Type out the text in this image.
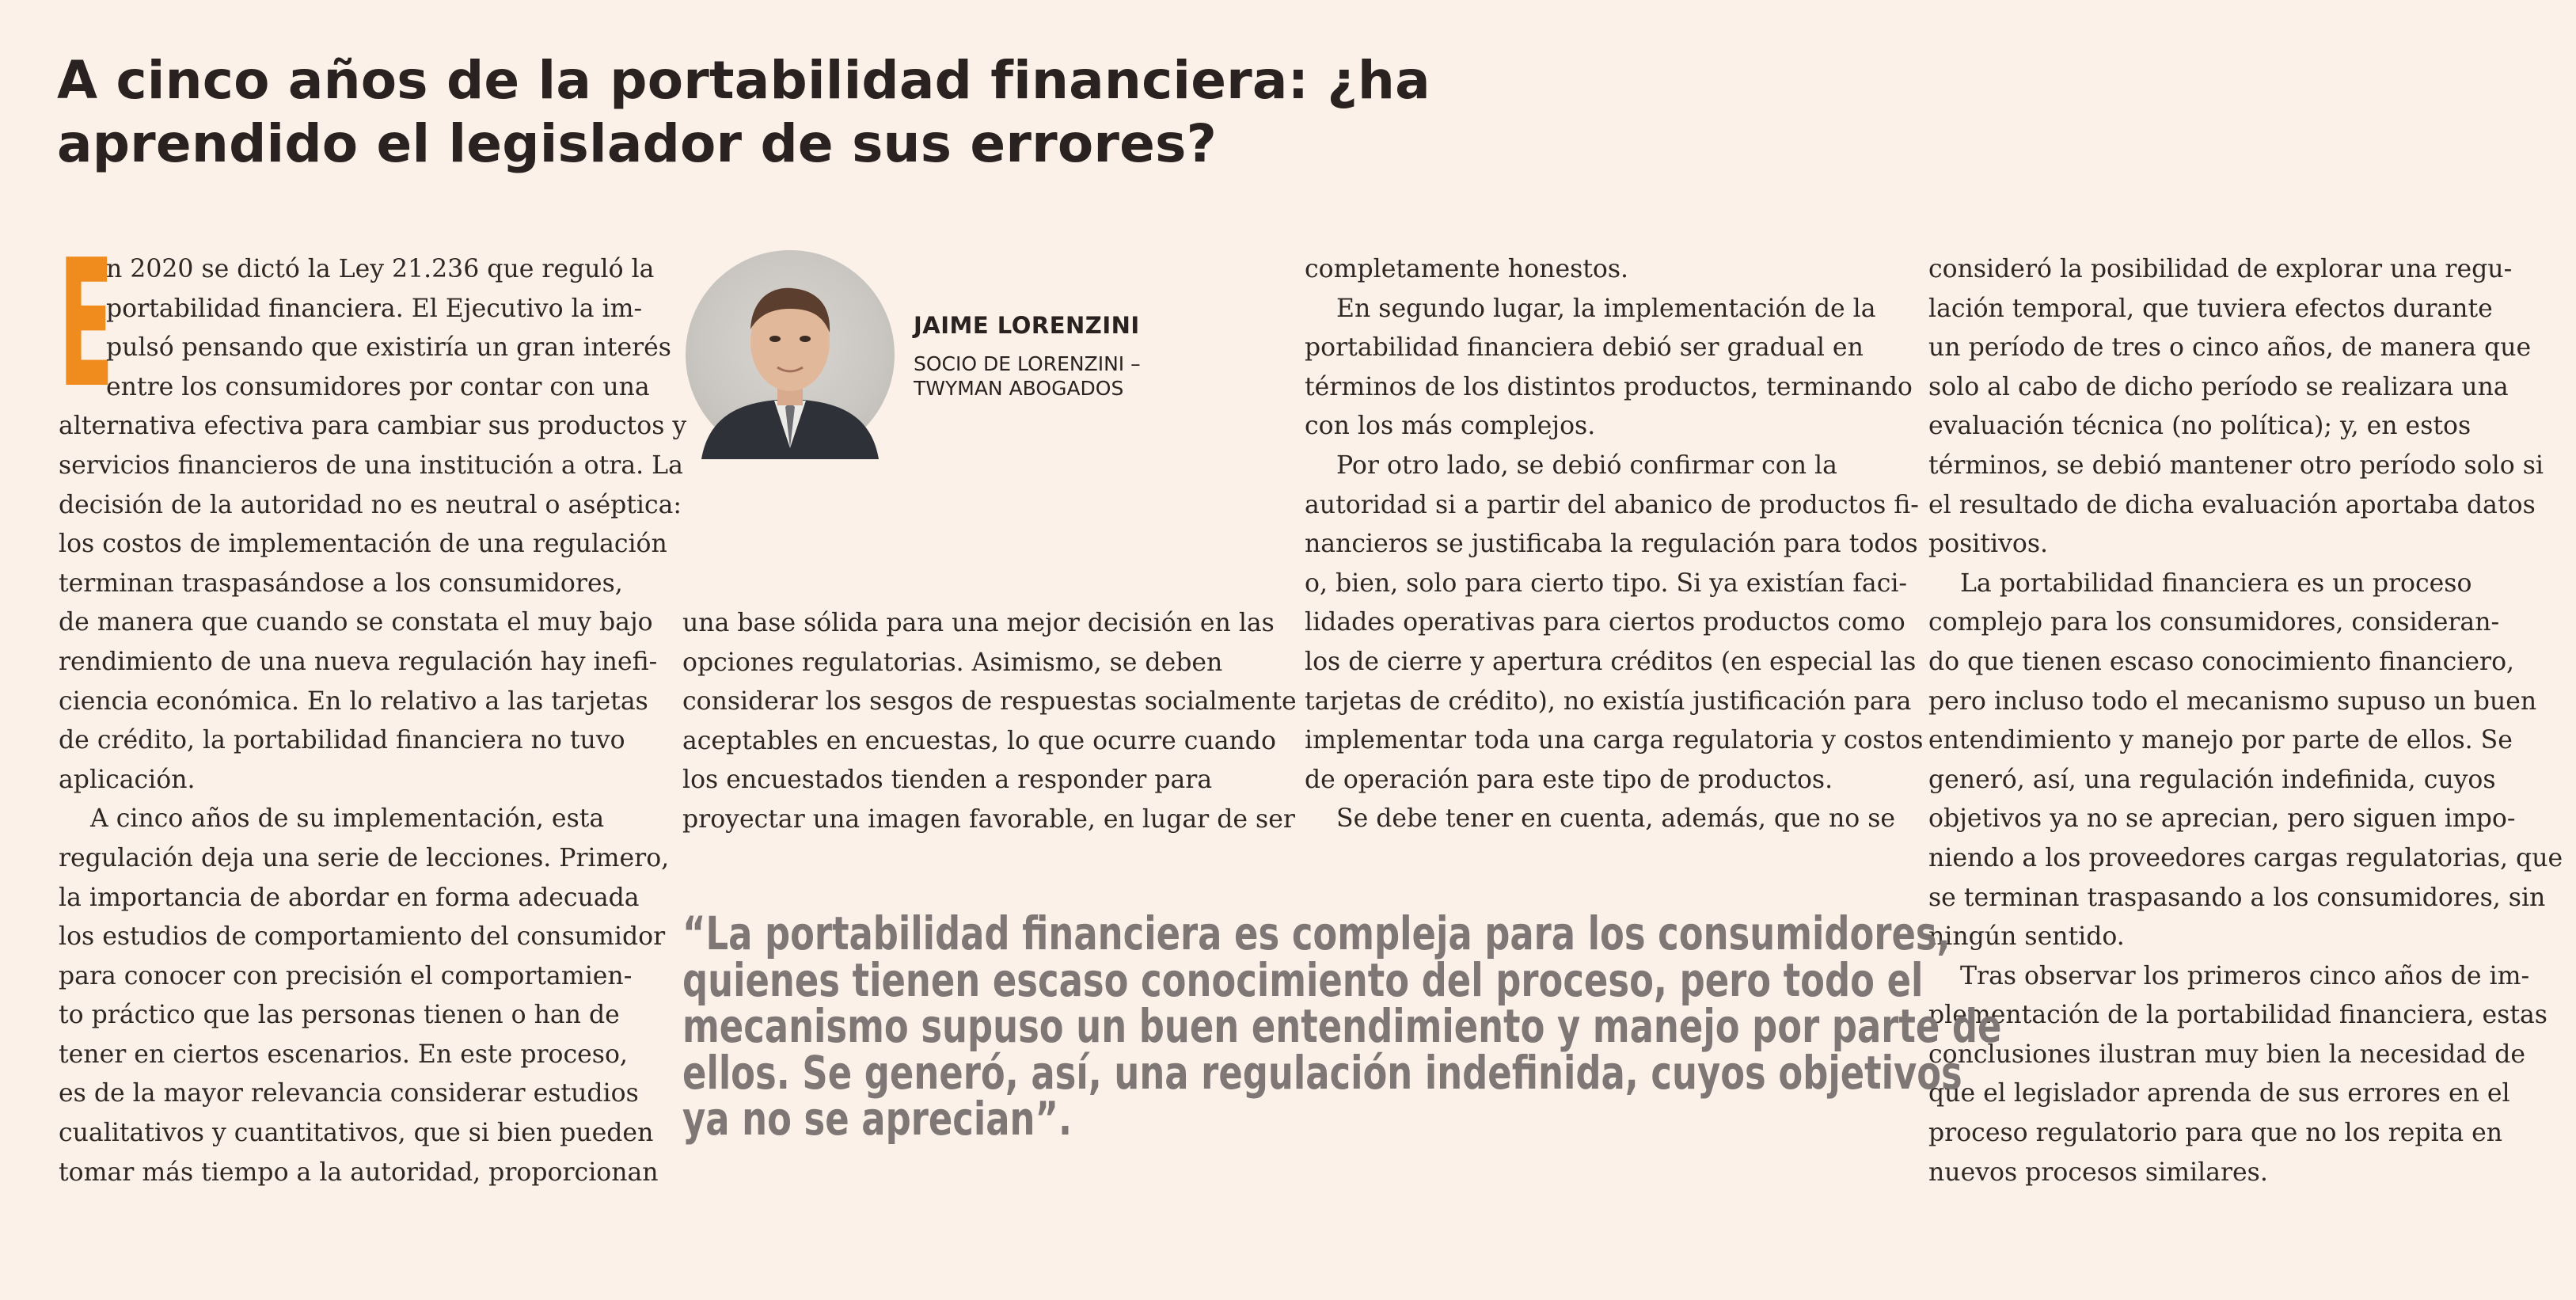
A cinco años de la portabilidad financiera: ¿ha
aprendido el legislador de sus errores?
E
n 2020 se dictó la Ley 21.236 que reguló la
portabilidad financiera. El Ejecutivo la im-
pulsó pensando que existiría un gran interés
entre los consumidores por contar con una
alternativa efectiva para cambiar sus productos y
servicios financieros de una institución a otra. La
decisión de la autoridad no es neutral o aséptica:
los costos de implementación de una regulación
terminan traspasándose a los consumidores,
de manera que cuando se constata el muy bajo
rendimiento de una nueva regulación hay inefi-
ciencia económica. En lo relativo a las tarjetas
de crédito, la portabilidad financiera no tuvo
aplicación.
A cinco años de su implementación, esta
regulación deja una serie de lecciones. Primero,
la importancia de abordar en forma adecuada
los estudios de comportamiento del consumidor
para conocer con precisión el comportamien-
to práctico que las personas tienen o han de
tener en ciertos escenarios. En este proceso,
es de la mayor relevancia considerar estudios
cualitativos y cuantitativos, que si bien pueden
tomar más tiempo a la autoridad, proporcionan
JAIME LORENZINI
SOCIO DE LORENZINI –
TWYMAN ABOGADOS
una base sólida para una mejor decisión en las
opciones regulatorias. Asimismo, se deben
considerar los sesgos de respuestas socialmente
aceptables en encuestas, lo que ocurre cuando
los encuestados tienden a responder para
proyectar una imagen favorable, en lugar de ser
completamente honestos.
En segundo lugar, la implementación de la
portabilidad financiera debió ser gradual en
términos de los distintos productos, terminando
con los más complejos.
Por otro lado, se debió confirmar con la
autoridad si a partir del abanico de productos fi-
nancieros se justificaba la regulación para todos
o, bien, solo para cierto tipo. Si ya existían faci-
lidades operativas para ciertos productos como
los de cierre y apertura créditos (en especial las
tarjetas de crédito), no existía justificación para
implementar toda una carga regulatoria y costos
de operación para este tipo de productos.
Se debe tener en cuenta, además, que no se
consideró la posibilidad de explorar una regu-
lación temporal, que tuviera efectos durante
un período de tres o cinco años, de manera que
solo al cabo de dicho período se realizara una
evaluación técnica (no política); y, en estos
términos, se debió mantener otro período solo si
el resultado de dicha evaluación aportaba datos
positivos.
La portabilidad financiera es un proceso
complejo para los consumidores, consideran-
do que tienen escaso conocimiento financiero,
pero incluso todo el mecanismo supuso un buen
entendimiento y manejo por parte de ellos. Se
generó, así, una regulación indefinida, cuyos
objetivos ya no se aprecian, pero siguen impo-
niendo a los proveedores cargas regulatorias, que
se terminan traspasando a los consumidores, sin
ningún sentido.
Tras observar los primeros cinco años de im-
plementación de la portabilidad financiera, estas
conclusiones ilustran muy bien la necesidad de
que el legislador aprenda de sus errores en el
proceso regulatorio para que no los repita en
nuevos procesos similares.
“La portabilidad financiera es compleja para los consumidores,
quienes tienen escaso conocimiento del proceso, pero todo el
mecanismo supuso un buen entendimiento y manejo por parte de
ellos. Se generó, así, una regulación indefinida, cuyos objetivos
ya no se aprecian”.
